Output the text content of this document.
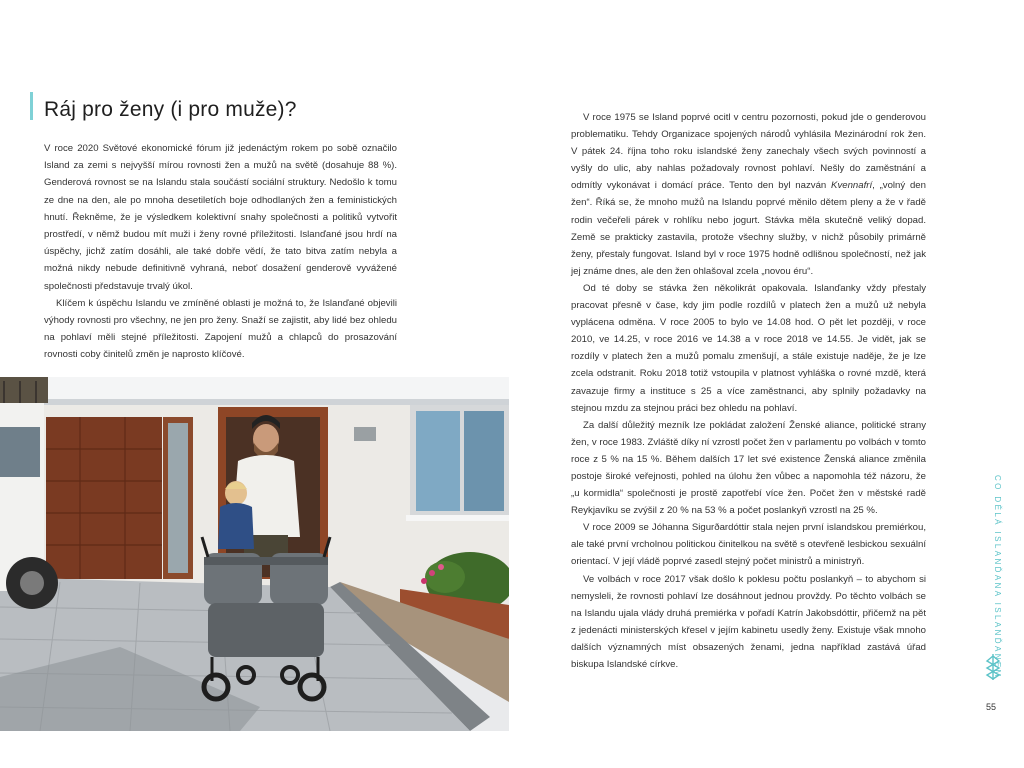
Ráj pro ženy (i pro muže)?

V roce 2020 Světové ekonomické fórum již jedenáctým rokem po sobě označilo Island za zemi s nejvyšší mírou rovnosti žen a mužů na světě (dosahuje 88 %). Genderová rovnost se na Islandu stala součástí sociální struktury. Nedošlo k tomu ze dne na den, ale po mnoha desetiletích boje odhodlaných žen a feministických hnutí. Řekněme, že je výsledkem kolektivní snahy společnosti a politiků vytvořit prostředí, v němž budou mít muži i ženy rovné příležitosti. Islanďané jsou hrdí na úspěchy, jichž zatím dosáhli, ale také dobře vědí, že tato bitva zatím nebyla a možná nikdy nebude definitivně vyhraná, neboť dosažení genderově vyvážené společnosti představuje trvalý úkol.

Klíčem k úspěchu Islandu ve zmíněné oblasti je možná to, že Islanďané objevili výhody rovnosti pro všechny, ne jen pro ženy. Snaží se zajistit, aby lidé bez ohledu na pohlaví měli stejné příležitosti. Zapojení mužů a chlapců do prosazování rovnosti coby činitelů změn je naprosto klíčové.

V roce 1975 se Island poprvé ocitl v centru pozornosti, pokud jde o genderovou problematiku. Tehdy Organizace spojených národů vyhlásila Mezinárodní rok žen. V pátek 24. října toho roku islandské ženy zanechaly všech svých povinností a vyšly do ulic, aby nahlas požadovaly rovnost pohlaví. Nešly do zaměstnání a odmítly vykonávat i domácí práce. Tento den byl nazván Kvennafrí, „volný den žen“. Říká se, že mnoho mužů na Islandu poprvé měnilo dětem pleny a že v řadě rodin večeřeli párek v rohlíku nebo jogurt. Stávka měla skutečně veliký dopad. Země se prakticky zastavila, protože všechny služby, v nichž působily primárně ženy, přestaly fungovat. Island byl v roce 1975 hodně odlišnou společností, než jak jej známe dnes, ale den žen ohlašoval zcela „novou éru“.

Od té doby se stávka žen několikrát opakovala. Islanďanky vždy přestaly pracovat přesně v čase, kdy jim podle rozdílů v platech žen a mužů už nebyla vyplácena odměna. V roce 2005 to bylo ve 14.08 hod. O pět let později, v roce 2010, ve 14.25, v roce 2016 ve 14.38 a v roce 2018 ve 14.55. Je vidět, jak se rozdíly v platech žen a mužů pomalu zmenšují, a stále existuje naděje, že je lze zcela odstranit. Roku 2018 totiž vstoupila v platnost vyhláška o rovné mzdě, která zavazuje firmy a instituce s 25 a více zaměstnanci, aby splnily požadavky na stejnou mzdu za stejnou práci bez ohledu na pohlaví.

Za další důležitý mezník lze pokládat založení Ženské aliance, politické strany žen, v roce 1983. Zvláště díky ní vzrostl počet žen v parlamentu po volbách v tomto roce z 5 % na 15 %. Během dalších 17 let své existence Ženská aliance změnila postoje široké veřejnosti, pohled na úlohu žen vůbec a napomohla též názoru, že „u kormidla“ společnosti je prostě zapotřebí více žen. Počet žen v městské radě Reykjavíku se zvýšil z 20 % na 53 % a počet poslankyň vzrostl na 25 %.

V roce 2009 se Jóhanna Sigurðardóttir stala nejen první islandskou premiérkou, ale také první vrcholnou politickou činitelkou na světě s otevřeně lesbickou sexuální orientací. V její vládě poprvé zasedl stejný počet ministrů a ministryň.

Ve volbách v roce 2017 však došlo k poklesu počtu poslankyň – to abychom si nemysleli, že rovnosti pohlaví lze dosáhnout jednou provždy. Po těchto volbách se na Islandu ujala vlády druhá premiérka v pořadí Katrín Jakobsdóttir, přičemž na pět z jedenácti ministerských křesel v jejím kabinetu usedly ženy. Existuje však mnoho dalších významných míst obsazených ženami, jedna například zastává úřad biskupa Islandské církve.	CO DĚLÁ ISLANĎANA ISLANĎANEM
55
